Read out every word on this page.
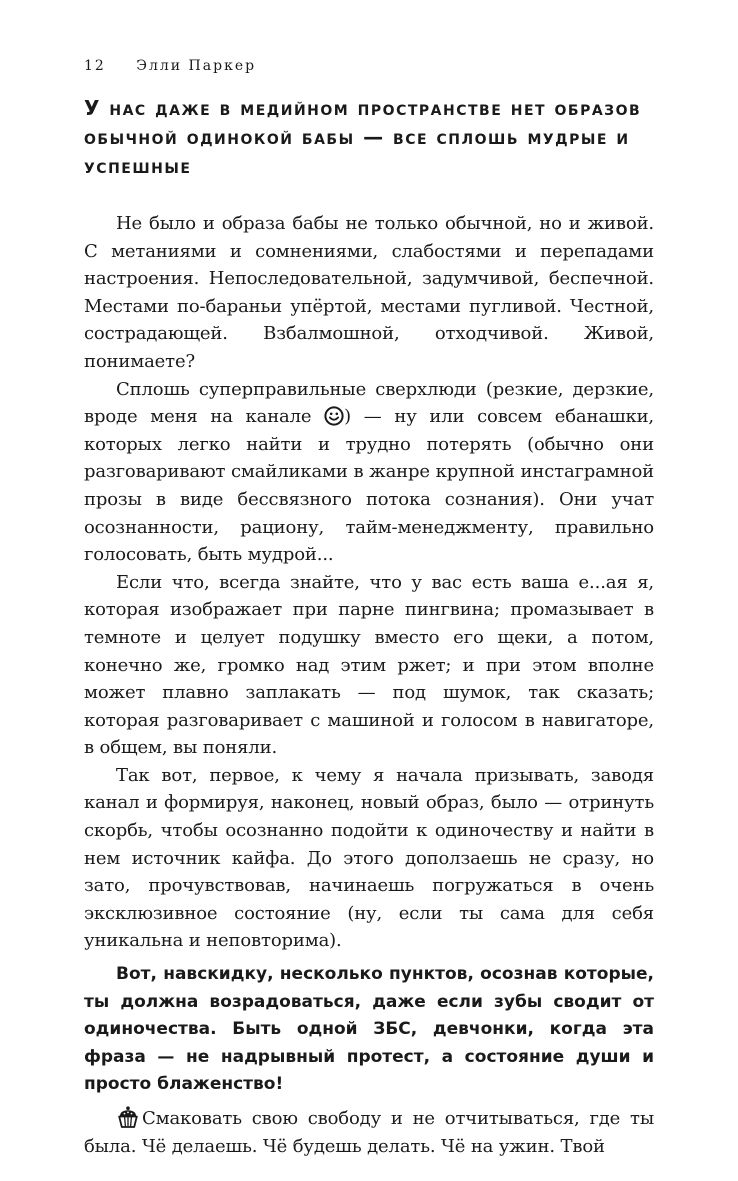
12 Элли Паркер
У нас даже в медийном пространстве нет образов обычной одинокой бабы — все сплошь мудрые и успешные

Не было и образа бабы не только обычной, но и живой. С метаниями и сомнениями, слабостями и перепадами настроения. Непоследовательной, задумчивой, беспечной. Местами по-бараньи упёртой, местами пугливой. Честной, сострадающей. Взбалмошной, отходчивой. Живой, понимаете?

Сплошь суперправильные сверхлюди (резкие, дерзкие, вроде меня на канале ) — ну или совсем ебанашки, которых легко найти и трудно потерять (обычно они разговаривают смайликами в жанре крупной инстаграмной прозы в виде бессвязного потока сознания). Они учат осознанности, рациону, тайм-менеджменту, правильно голосовать, быть мудрой...

Если что, всегда знайте, что у вас есть ваша е...ая я, которая изображает при парне пингвина; промазывает в темноте и целует подушку вместо его щеки, а потом, конечно же, громко над этим ржет; и при этом вполне может плавно заплакать — под шумок, так сказать; которая разговаривает с машиной и голосом в навигаторе, в общем, вы поняли.

Так вот, первое, к чему я начала призывать, заводя канал и формируя, наконец, новый образ, было — отринуть скорбь, чтобы осознанно подойти к одиночеству и найти в нем источник кайфа. До этого доползаешь не сразу, но зато, прочувствовав, начинаешь погружаться в очень эксклюзивное состояние (ну, если ты сама для себя уникальна и неповторима).

Вот, навскидку, несколько пунктов, осознав которые, ты должна возрадоваться, даже если зубы сводит от одиночества. Быть одной ЗБС, девчонки, когда эта фраза — не надрывный протест, а состояние души и просто блаженство!

Смаковать свою свободу и не отчитываться, где ты была. Чё делаешь. Чё будешь делать. Чё на ужин. Твой
